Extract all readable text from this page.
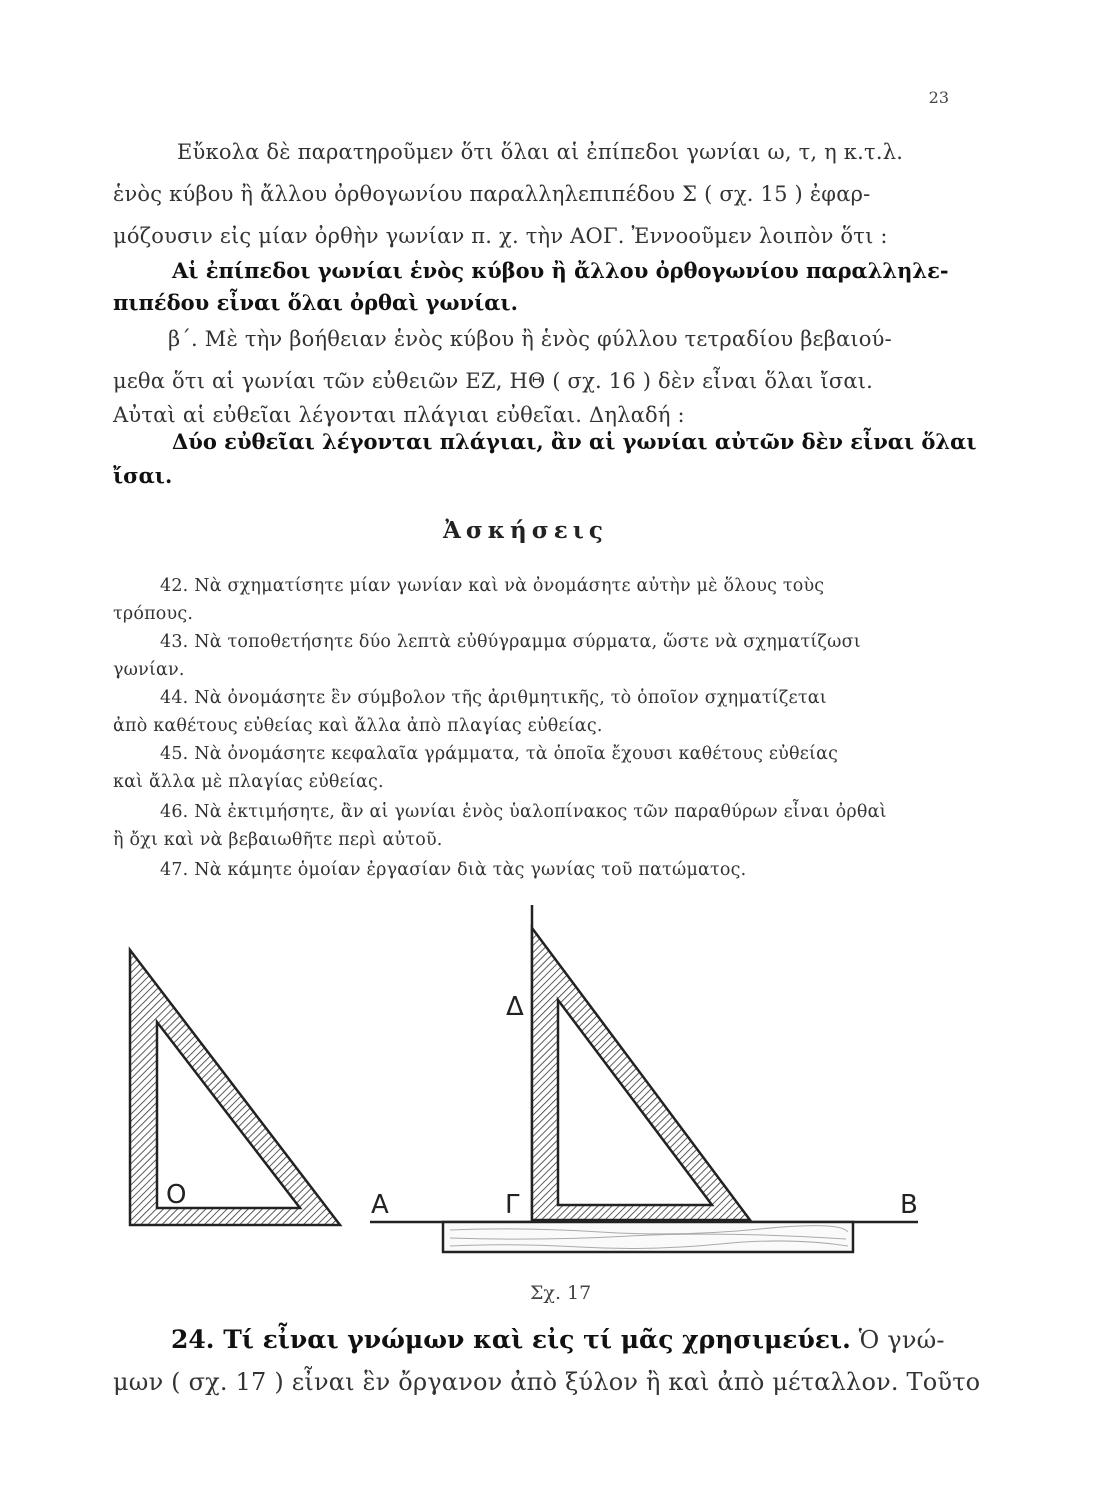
23
Εὔκολα δὲ παρατηροῦμεν ὅτι ὅλαι αἱ ἐπίπεδοι γωνίαι ω, τ, η κ.τ.λ.
ἑνὸς κύβου ἢ ἄλλου ὀρθογωνίου παραλληλεπιπέδου Σ ( σχ. 15 ) ἐφαρ-
μόζουσιν εἰς μίαν ὀρθὴν γωνίαν π. χ. τὴν ΑΟΓ. Ἐννοοῦμεν λοιπὸν ὅτι :
Αἱ ἐπίπεδοι γωνίαι ἑνὸς κύβου ἢ ἄλλου ὀρθογωνίου παραλληλε-
πιπέδου εἶναι ὅλαι ὀρθαὶ γωνίαι.
β΄. Μὲ τὴν βοήθειαν ἑνὸς κύβου ἢ ἑνὸς φύλλου τετραδίου βεβαιού-
μεθα ὅτι αἱ γωνίαι τῶν εὐθειῶν ΕΖ, ΗΘ ( σχ. 16 ) δὲν εἶναι ὅλαι ἴσαι.
Αὐταὶ αἱ εὐθεῖαι λέγονται πλάγιαι εὐθεῖαι. Δηλαδή :
Δύο εὐθεῖαι λέγονται πλάγιαι, ἂν αἱ γωνίαι αὐτῶν δὲν εἶναι ὅλαι
ἴσαι.
Ἀσκήσεις
42. Νὰ σχηματίσητε μίαν γωνίαν καὶ νὰ ὀνομάσητε αὐτὴν μὲ ὅλους τοὺς
τρόπους.
43. Νὰ τοποθετήσητε δύο λεπτὰ εὐθύγραμμα σύρματα, ὥστε νὰ σχηματίζωσι
γωνίαν.
44. Νὰ ὀνομάσητε ἓν σύμβολον τῆς ἀριθμητικῆς, τὸ ὁποῖον σχηματίζεται
ἀπὸ καθέτους εὐθείας καὶ ἄλλα ἀπὸ πλαγίας εὐθείας.
45. Νὰ ὀνομάσητε κεφαλαῖα γράμματα, τὰ ὁποῖα ἔχουσι καθέτους εὐθείας
καὶ ἄλλα μὲ πλαγίας εὐθείας.
46. Νὰ ἐκτιμήσητε, ἂν αἱ γωνίαι ἑνὸς ὑαλοπίνακος τῶν παραθύρων εἶναι ὀρθαὶ
ἢ ὄχι καὶ νὰ βεβαιωθῆτε περὶ αὐτοῦ.
47. Νὰ κάμητε ὁμοίαν ἐργασίαν διὰ τὰς γωνίας τοῦ πατώματος.
O	A	Γ	B
Δ
Σχ. 17
24. Τί εἶναι γνώμων καὶ εἰς τί μᾶς χρησιμεύει. Ὁ γνώ-
μων ( σχ. 17 ) εἶναι ἓν ὄργανον ἀπὸ ξύλον ἢ καὶ ἀπὸ μέταλλον. Τοῦτο
